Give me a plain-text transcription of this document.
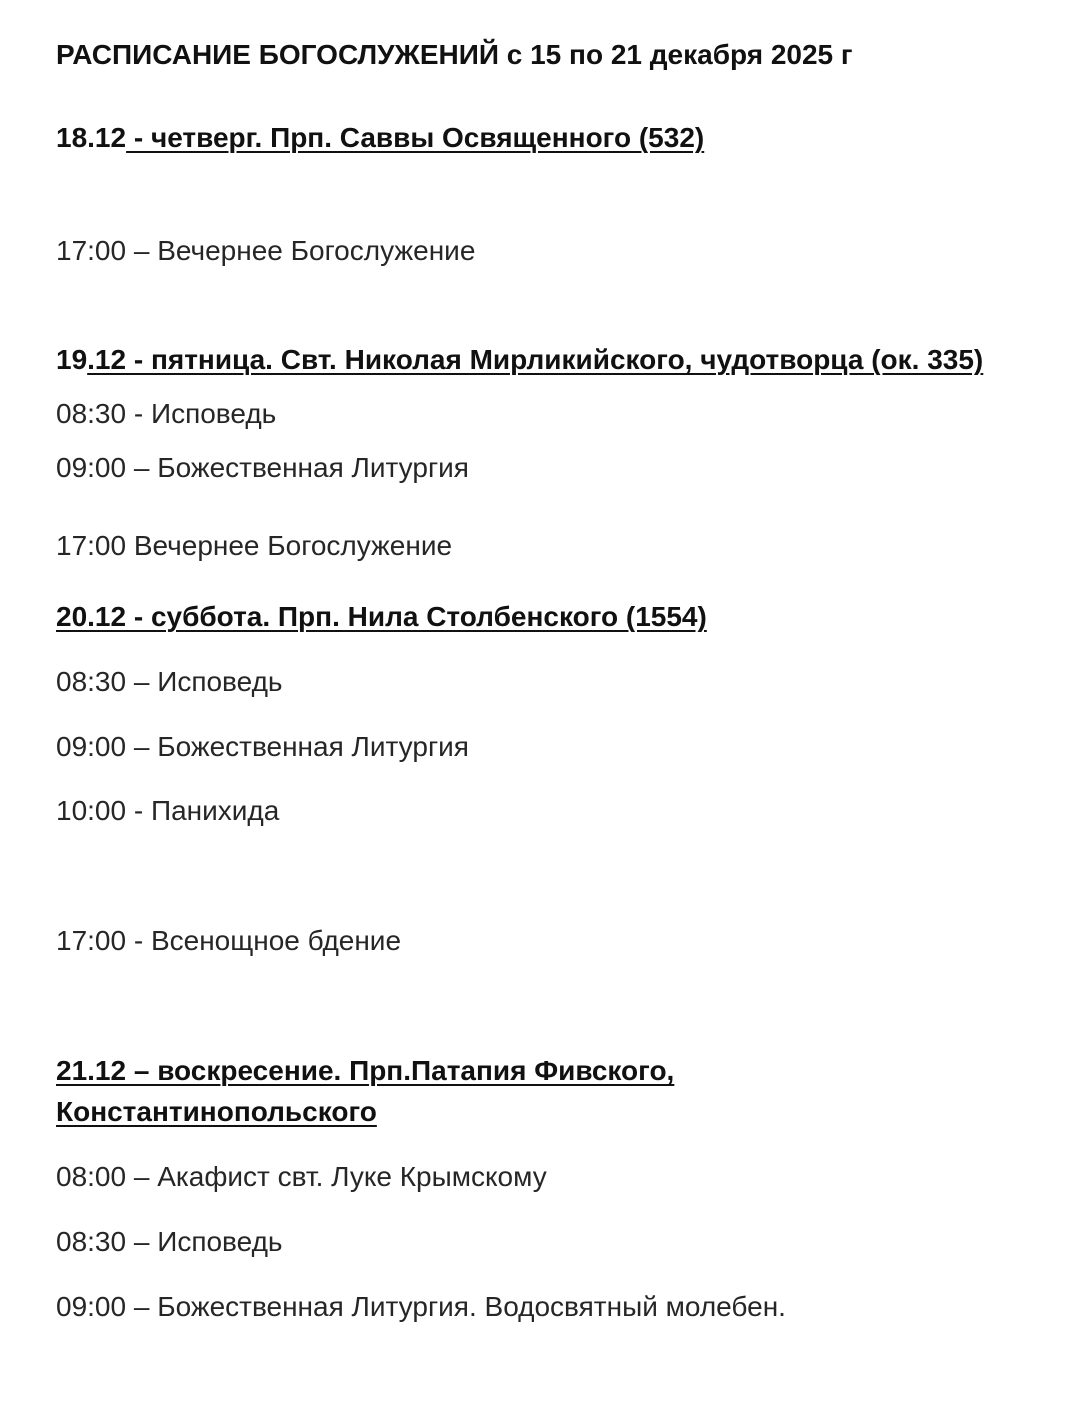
РАСПИСАНИЕ БОГОСЛУЖЕНИЙ с 15 по 21 декабря 2025 г
18.12 - четверг. Прп. Саввы Освященного (532)
17:00 – Вечернее Богослужение
19.12 - пятница. Свт. Николая Мирликийского, чудотворца (ок. 335)
08:30 - Исповедь
09:00 – Божественная Литургия
17:00 Вечернее Богослужение
20.12 - суббота. Прп. Нила Столбенского (1554)
08:30 – Исповедь
09:00 – Божественная Литургия
10:00 - Панихида
17:00 - Всенощное бдение
21.12 – воскресение. Прп.Патапия Фивского,
Константинопольского
08:00 – Акафист свт. Луке Крымскому
08:30 – Исповедь
09:00 – Божественная Литургия. Водосвятный молебен.
